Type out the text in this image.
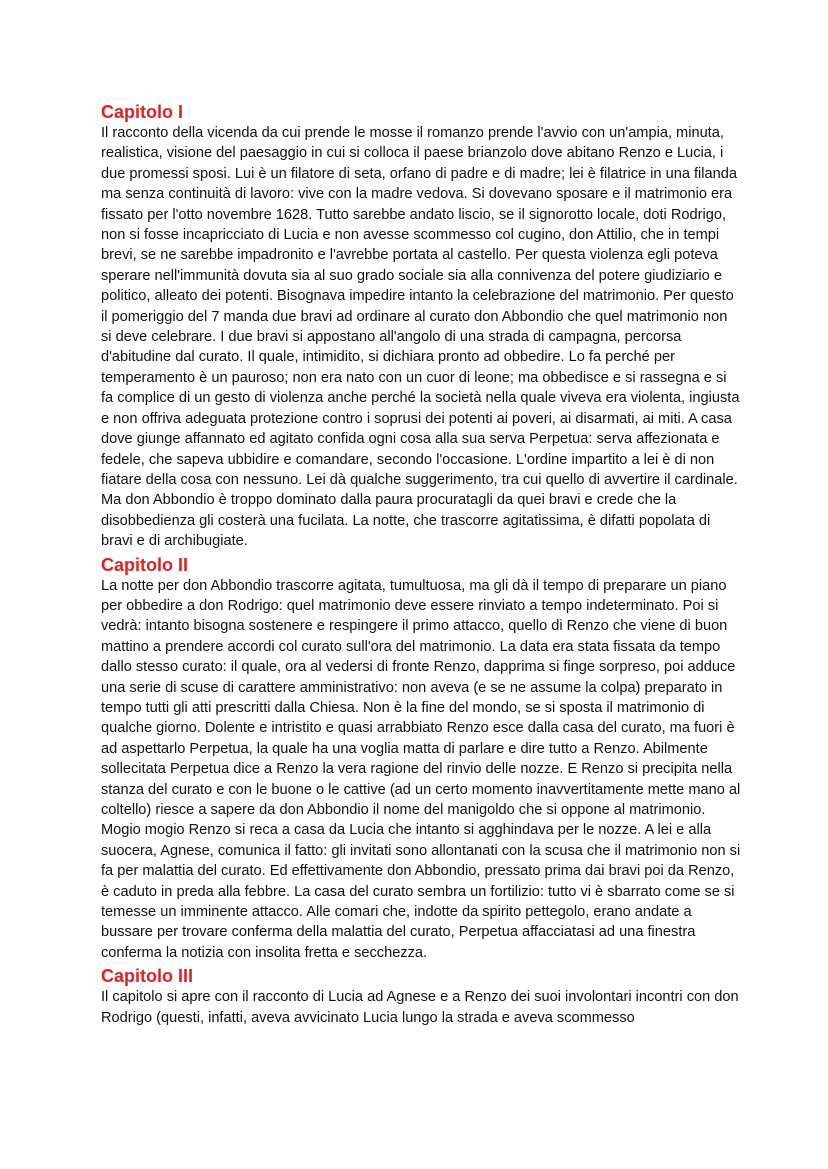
Capitolo I

Il racconto della vicenda da cui prende le mosse il romanzo prende l'avvio con un'ampia, minuta, realistica, visione del paesaggio in cui si colloca il paese brianzolo dove abitano Renzo e Lucia, i due promessi sposi. Lui è un filatore di seta, orfano di padre e di madre; lei è filatrice in una filanda ma senza continuità di lavoro: vive con la madre vedova. Si dovevano sposare e il matrimonio era fissato per l'otto novembre 1628. Tutto sarebbe andato liscio, se il signorotto locale, doti Rodrigo, non si fosse incapricciato di Lucia e non avesse scommesso col cugino, don Attilio, che in tempi brevi, se ne sarebbe impadronito e l'avrebbe portata al castello. Per questa violenza egli poteva sperare nell'immunità dovuta sia al suo grado sociale sia alla connivenza del potere giudiziario e politico, alleato dei potenti. Bisognava impedire intanto la celebrazione del matrimonio. Per questo il pomeriggio del 7 manda due bravi ad ordinare al curato don Abbondio che quel matrimonio non si deve celebrare. I due bravi si appostano all'angolo di una strada di campagna, percorsa d'abitudine dal curato. Il quale, intimidito, si dichiara pronto ad obbedire. Lo fa perché per temperamento è un pauroso; non era nato con un cuor di leone; ma obbedisce e si rassegna e si fa complice di un gesto di violenza anche perché la società nella quale viveva era violenta, ingiusta e non offriva adeguata protezione contro i soprusi dei potenti ai poveri, ai disarmati, ai miti. A casa dove giunge affannato ed agitato confida ogni cosa alla sua serva Perpetua: serva affezionata e fedele, che sapeva ubbidire e comandare, secondo l'occasione. L'ordine impartito a lei è di non fiatare della cosa con nessuno. Lei dà qualche suggerimento, tra cui quello di avvertire il cardinale. Ma don Abbondio è troppo dominato dalla paura procuratagli da quei bravi e crede che la disobbedienza gli costerà una fucilata. La notte, che trascorre agitatissima, è difatti popolata di bravi e di archibugiate.

Capitolo II

La notte per don Abbondio trascorre agitata, tumultuosa, ma gli dà il tempo di preparare un piano per obbedire a don Rodrigo: quel matrimonio deve essere rinviato a tempo indeterminato. Poi si vedrà: intanto bisogna sostenere e respingere il primo attacco, quello di Renzo che viene di buon mattino a prendere accordi col curato sull'ora del matrimonio. La data era stata fissata da tempo dallo stesso curato: il quale, ora al vedersi di fronte Renzo, dapprima si finge sorpreso, poi adduce una serie di scuse di carattere amministrativo: non aveva (e se ne assume la colpa) preparato in tempo tutti gli atti prescritti dalla Chiesa. Non è la fine del mondo, se si sposta il matrimonio di qualche giorno. Dolente e intristito e quasi arrabbiato Renzo esce dalla casa del curato, ma fuori è ad aspettarlo Perpetua, la quale ha una voglia matta di parlare e dire tutto a Renzo. Abilmente sollecitata Perpetua dice a Renzo la vera ragione del rinvio delle nozze. E Renzo si precipita nella stanza del curato e con le buone o le cattive (ad un certo momento inavvertitamente mette mano al coltello) riesce a sapere da don Abbondio il nome del manigoldo che si oppone al matrimonio. Mogio mogio Renzo si reca a casa da Lucia che intanto si agghindava per le nozze. A lei e alla suocera, Agnese, comunica il fatto: gli invitati sono allontanati con la scusa che il matrimonio non si fa per malattia del curato. Ed effettivamente don Abbondio, pressato prima dai bravi poi da Renzo, è caduto in preda alla febbre. La casa del curato sembra un fortilizio: tutto vi è sbarrato come se si temesse un imminente attacco. Alle comari che, indotte da spirito pettegolo, erano andate a bussare per trovare conferma della malattia del curato, Perpetua affacciatasi ad una finestra conferma la notizia con insolita fretta e secchezza.

Capitolo III

Il capitolo si apre con il racconto di Lucia ad Agnese e a Renzo dei suoi involontari incontri con don Rodrigo (questi, infatti, aveva avvicinato Lucia lungo la strada e aveva scommesso
